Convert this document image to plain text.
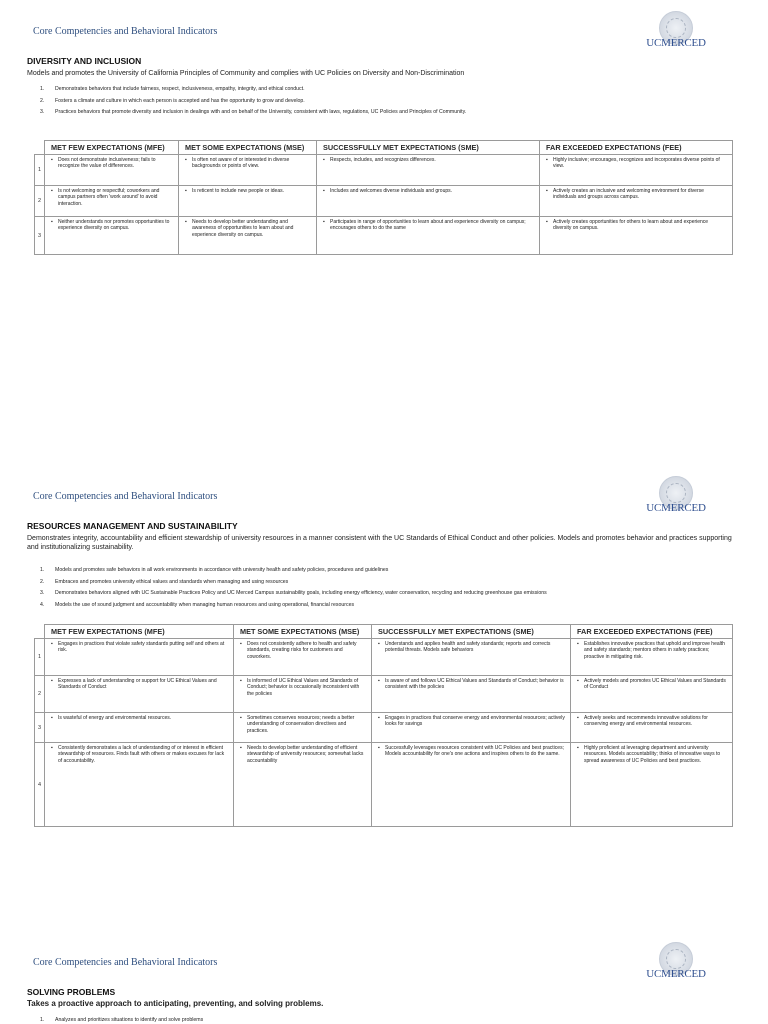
Core Competencies and Behavioral Indicators
UCMERCED
DIVERSITY AND INCLUSION
Models and promotes the University of California Principles of Community and complies with UC Policies on Diversity and Non-Discrimination
1. Demonstrates behaviors that include fairness, respect, inclusiveness, empathy, integrity, and ethical conduct.
2. Fosters a climate and culture in which each person is accepted and has the opportunity to grow and develop.
3. Practices behaviors that promote diversity and inclusion in dealings with and on behalf of the University, consistent with laws, regulations, UC Policies and Principles of Community.
	MET FEW EXPECTATIONS (MFE)	MET SOME EXPECTATIONS (MSE)	SUCCESSFULLY MET EXPECTATIONS (SME)	FAR EXCEEDED EXPECTATIONS (FEE)
1	▪ Does not demonstrate inclusiveness; fails to recognize the value of differences.	▪ Is often not aware of or interested in diverse backgrounds or points of view.	▪ Respects, includes, and recognizes differences.	▪ Highly inclusive; encourages, recognizes and incorporates diverse points of view.
2	▪ Is not welcoming or respectful; coworkers and campus partners often 'work around' to avoid interaction.	▪ Is reticent to include new people or ideas.	▪ Includes and welcomes diverse individuals and groups.	▪ Actively creates an inclusive and welcoming environment for diverse individuals and groups across campus.
3	▪ Neither understands nor promotes opportunities to experience diversity on campus.	▪ Needs to develop better understanding and awareness of opportunities to learn about and experience diversity on campus.	▪ Participates in range of opportunities to learn about and experience diversity on campus; encourages others to do the same	▪ Actively creates opportunities for others to learn about and experience diversity on campus.
Core Competencies and Behavioral Indicators
UCMERCED
RESOURCES MANAGEMENT AND SUSTAINABILITY
Demonstrates integrity, accountability and efficient stewardship of university resources in a manner consistent with the UC Standards of Ethical Conduct and other policies. Models and promotes behavior and practices supporting and institutionalizing sustainability.
1. Models and promotes safe behaviors in all work environments in accordance with university health and safety policies, procedures and guidelines
2. Embraces and promotes university ethical values and standards when managing and using resources
3. Demonstrates behaviors aligned with UC Sustainable Practices Policy and UC Merced Campus sustainability goals, including energy efficiency, water conservation, recycling and reducing greenhouse gas emissions
4. Models the use of sound judgment and accountability when managing human resources and using operational, financial resources
	MET FEW EXPECTATIONS (MFE)	MET SOME EXPECTATIONS (MSE)	SUCCESSFULLY MET EXPECTATIONS (SME)	FAR EXCEEDED EXPECTATIONS (FEE)
1	▪ Engages in practices that violate safety standards putting self and others at risk.	▪ Does not consistently adhere to health and safety standards, creating risks for customers and coworkers.	▪ Understands and applies health and safety standards; reports and corrects potential threats. Models safe behaviors	▪ Establishes innovative practices that uphold and improve health and safety standards; mentors others in safety practices; proactive in mitigating risk.
2	▪ Expresses a lack of understanding or support for UC Ethical Values and Standards of Conduct	▪ Is informed of UC Ethical Values and Standards of Conduct; behavior is occasionally inconsistent with the policies	▪ Is aware of and follows UC Ethical Values and Standards of Conduct; behavior is consistent with the policies	▪ Actively models and promotes UC Ethical Values and Standards of Conduct
3	▪ Is wasteful of energy and environmental resources.	▪ Sometimes conserves resources; needs a better understanding of conservation directives and practices.	▪ Engages in practices that conserve energy and environmental resources; actively looks for savings	▪ Actively seeks and recommends innovative solutions for conserving energy and environmental resources.
4	▪ Consistently demonstrates a lack of understanding of or interest in efficient stewardship of resources. Finds fault with others or makes excuses for lack of accountability.	▪ Needs to develop better understanding of efficient stewardship of university resources; somewhat lacks accountability	▪ Successfully leverages resources consistent with UC Policies and best practices; Models accountability for one's one actions and inspires others to do the same.	▪ Highly proficient at leveraging department and university resources. Models accountability; thinks of innovative ways to spread awareness of UC Policies and best practices.
Core Competencies and Behavioral Indicators
UCMERCED
SOLVING PROBLEMS
Takes a proactive approach to anticipating, preventing, and solving problems.
1. Analyzes and prioritizes situations to identify and solve problems
